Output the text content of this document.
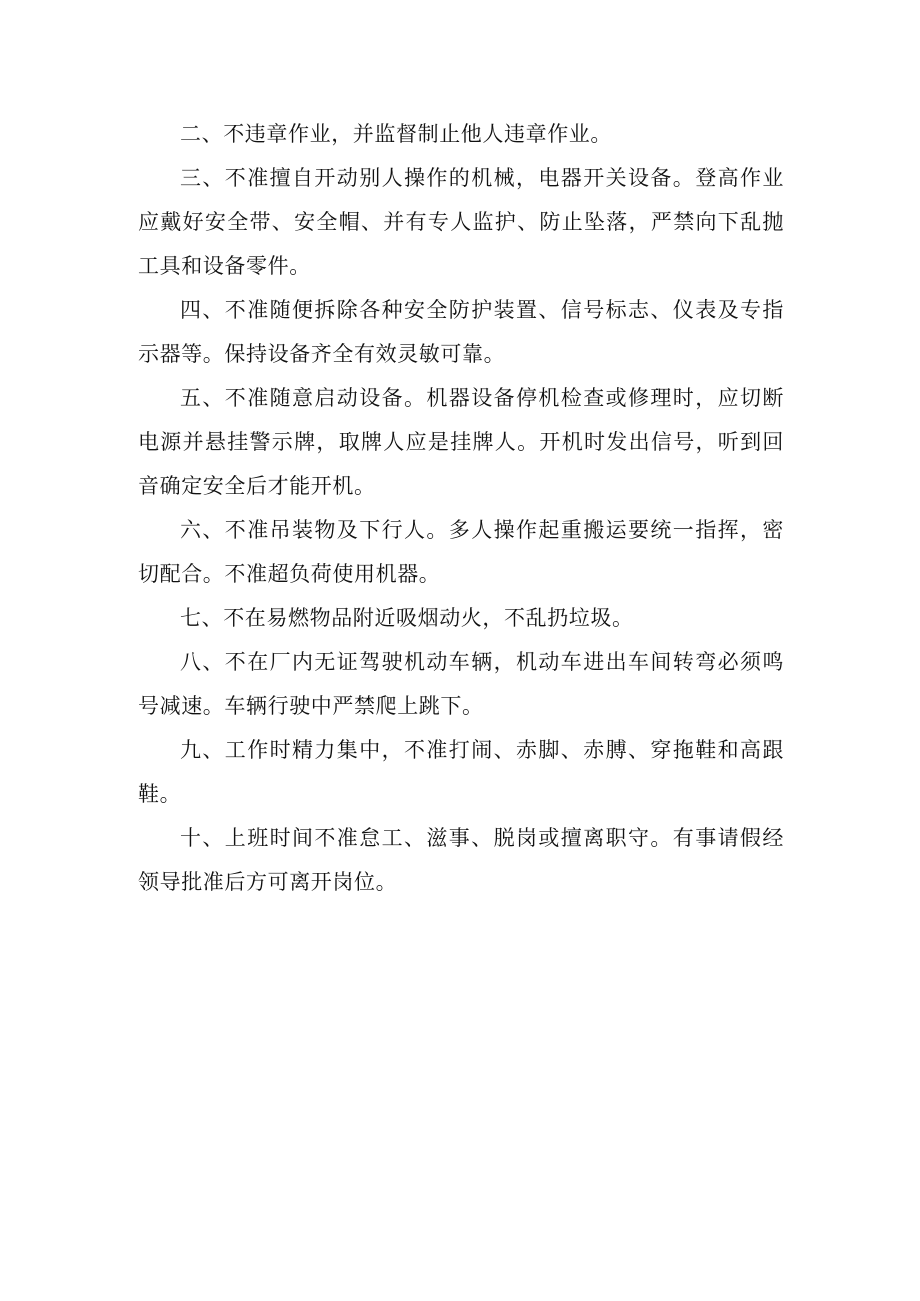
二、不违章作业，并监督制止他人违章作业。

三、不准擅自开动别人操作的机械，电器开关设备。登高作业应戴好安全带、安全帽、并有专人监护、防止坠落，严禁向下乱抛工具和设备零件。

四、不准随便拆除各种安全防护装置、信号标志、仪表及专指示器等。保持设备齐全有效灵敏可靠。

五、不准随意启动设备。机器设备停机检查或修理时，应切断电源并悬挂警示牌，取牌人应是挂牌人。开机时发出信号，听到回音确定安全后才能开机。

六、不准吊装物及下行人。多人操作起重搬运要统一指挥，密切配合。不准超负荷使用机器。

七、不在易燃物品附近吸烟动火，不乱扔垃圾。

八、不在厂内无证驾驶机动车辆，机动车进出车间转弯必须鸣号减速。车辆行驶中严禁爬上跳下。

九、工作时精力集中，不准打闹、赤脚、赤膊、穿拖鞋和高跟鞋。

十、上班时间不准怠工、滋事、脱岗或擅离职守。有事请假经领导批准后方可离开岗位。
